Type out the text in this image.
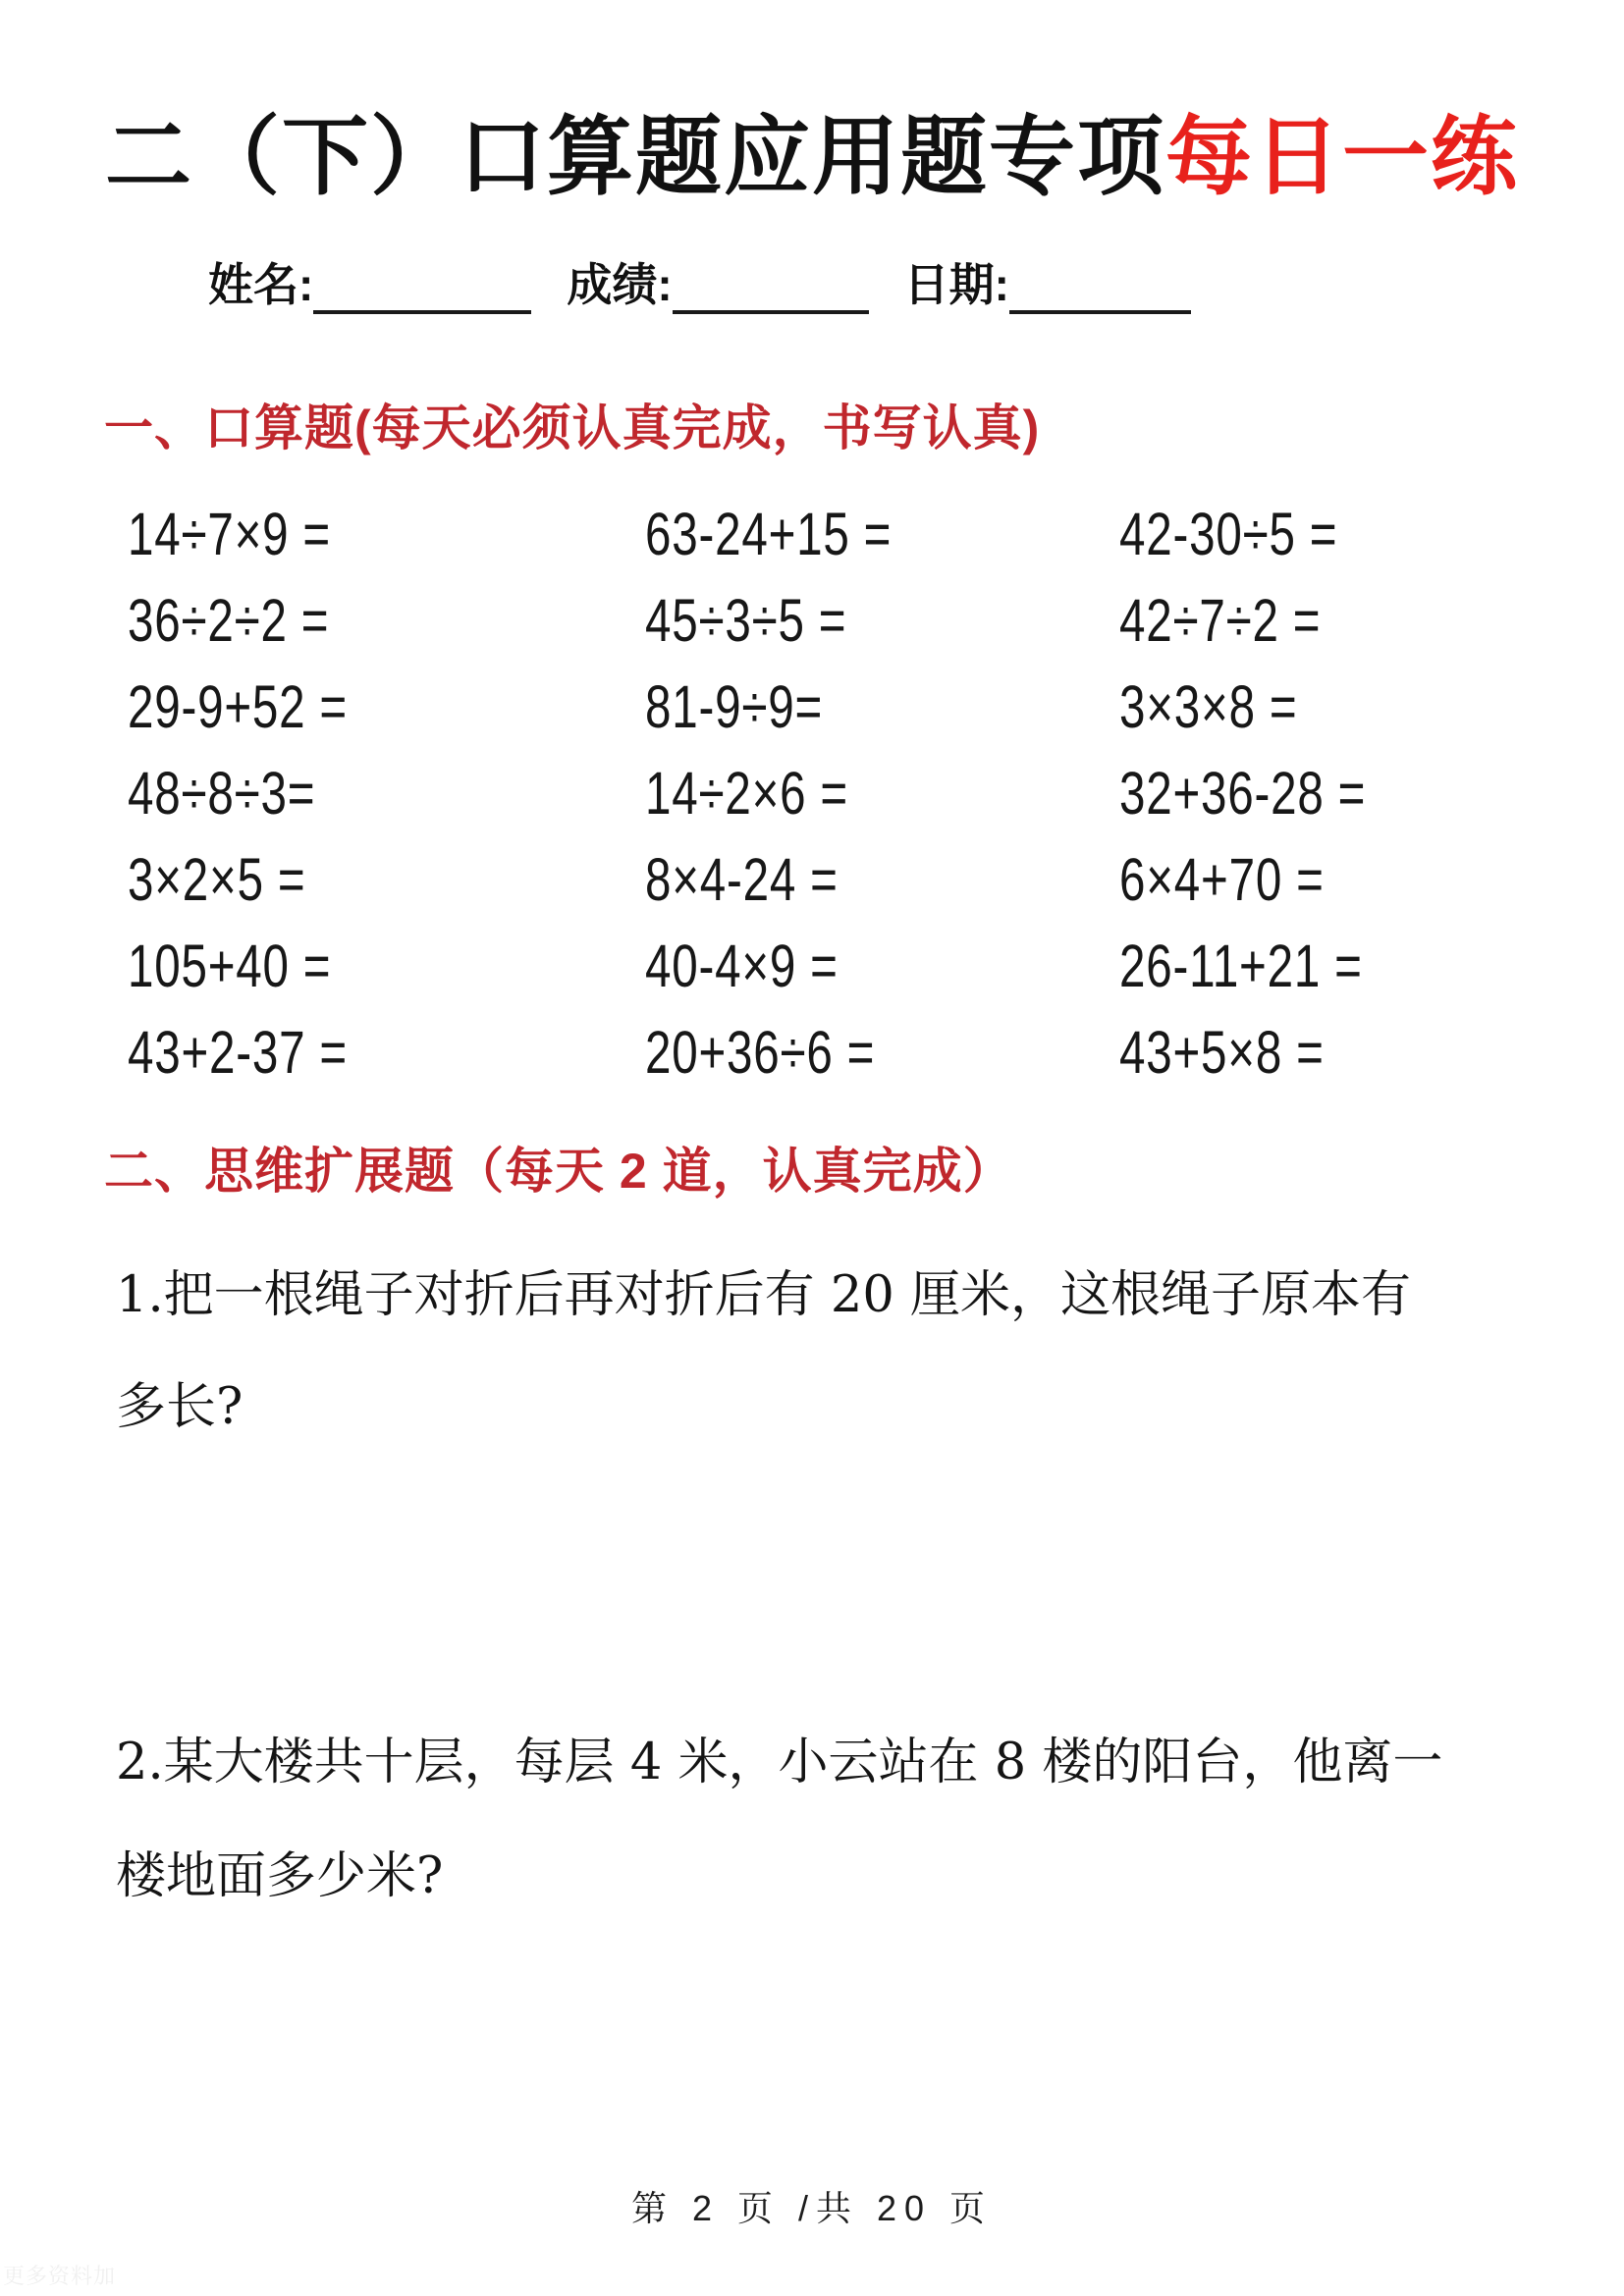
二（下）口算题应用题专项每日一练
姓名:	成绩:	日期:
一、口算题(每天必须认真完成，书写认真)
14÷7×9 =	63-24+15 =	42-30÷5 =
36÷2÷2 =	45÷3÷5 =	42÷7÷2 =
29-9+52 =	81-9÷9=	3×3×8 =
48÷8÷3=	14÷2×6 =	32+36-28 =
3×2×5 =	8×4-24 =	6×4+70 =
105+40 =	40-4×9 =	26-11+21 =
43+2-37 =	20+36÷6 =	43+5×8 =
二、思维扩展题（每天 2 道，认真完成）
1.把一根绳子对折后再对折后有 20 厘米，这根绳子原本有
多长?
2.某大楼共十层，每层 4 米，小云站在 8 楼的阳台，他离一
楼地面多少米?
第 2 页 /共 20 页
更多资料加
